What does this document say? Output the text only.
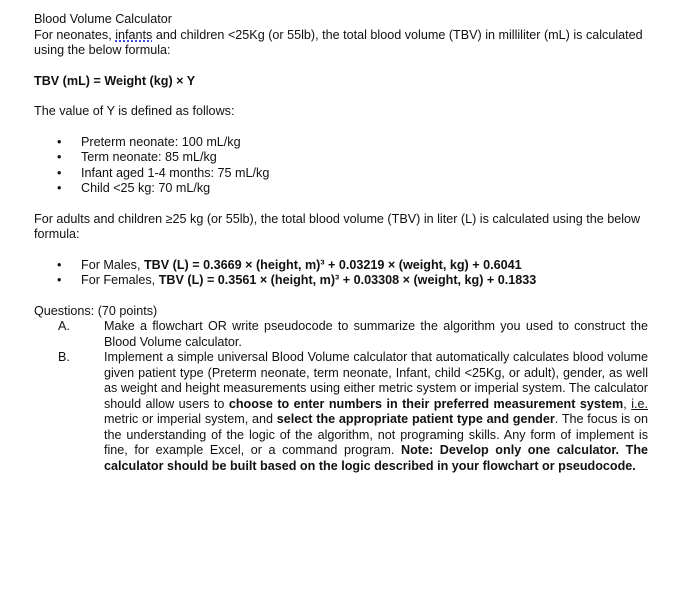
Blood Volume Calculator

For neonates, infants and children <25Kg (or 55lb), the total blood volume (TBV) in milliliter (mL) is calculated using the below formula:

TBV (mL) = Weight (kg) × Y

The value of Y is defined as follows:

• Preterm neonate: 100 mL/kg
• Term neonate: 85 mL/kg
• Infant aged 1-4 months: 75 mL/kg
• Child <25 kg: 70 mL/kg

For adults and children ≥25 kg (or 55lb), the total blood volume (TBV) in liter (L) is calculated using the below formula:

• For Males, TBV (L) = 0.3669 × (height, m)³ + 0.03219 × (weight, kg) + 0.6041
• For Females, TBV (L) = 0.3561 × (height, m)³ + 0.03308 × (weight, kg) + 0.1833

Questions: (70 points)

A.	Make a flowchart OR write pseudocode to summarize the algorithm you used to construct the Blood Volume calculator.
B.	Implement a simple universal Blood Volume calculator that automatically calculates blood volume given patient type (Preterm neonate, term neonate, Infant, child <25Kg, or adult), gender, as well as weight and height measurements using either metric system or imperial system. The calculator should allow users to choose to enter numbers in their preferred measurement system, i.e. metric or imperial system, and select the appropriate patient type and gender. The focus is on the understanding of the logic of the algorithm, not programing skills. Any form of implement is fine, for example Excel, or a command program. Note: Develop only one calculator. The calculator should be built based on the logic described in your flowchart or pseudocode.
